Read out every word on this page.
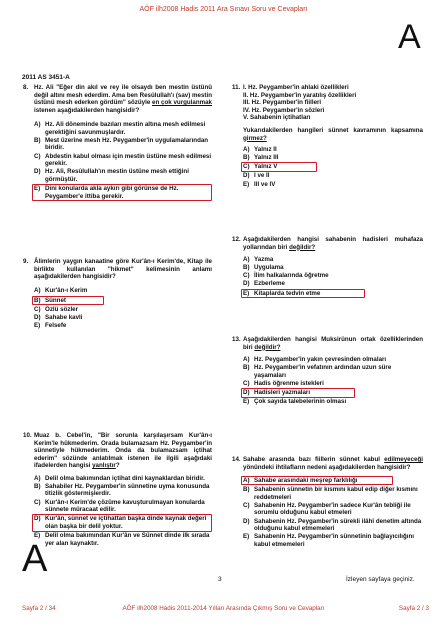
AÖF ilh2008 Hadis 2011 Ara Sınavı Soru ve Cevapları
A
2011 AS 3451-A
8. Hz. Ali "Eğer din akıl ve rey ile olsaydı ben mestin üstünü değil altını mesh ederdim. Ama ben Resûlullah'ı (sav) mestin üstünü mesh ederken gördüm" sözüyle en çok vurgulanmak istenen aşağıdakilerden hangisidir?
A) Hz. Ali döneminde bazıları mestin altına mesh edilmesi gerektiğini savunmuşlardır.
B) Mest üzerine mesh Hz. Peygamber'in uygulamalarından biridir.
C) Abdestin kabul olması için mestin üstüne mesh edilmesi gerekir.
D) Hz. Ali, Resûlullah'ın mestin üstüne mesh ettiğini görmüştür.
E) Dini konularda akla aykırı gibi görünse de Hz. Peygamber'e ittiba gerekir.
9. Âlimlerin yaygın kanaatine göre Kur'ân-ı Kerim'de, Kitap ile birlikte kullanılan "hikmet" kelimesinin anlamı aşağıdakilerden hangisidir?
A) Kur'ân-ı Kerim
B) Sünnet
C) Özlü sözler
D) Sahabe kavli
E) Felsefe
10. Muaz b. Cebel'in, "Bir sorunla karşılaşırsam Kur'ân-ı Kerim'le hükmederim. Orada bulamazsam Hz. Peygamber'in sünnetiyle hükmederim. Onda da bulamazsam içtihat ederim" sözünde anlatılmak istenen ile ilgili aşağıdaki ifadelerden hangisi yanlıştır?
A) Delil olma bakımından içtihat dini kaynaklardan biridir.
B) Sahabiler Hz. Peygamber'in sünnetine uyma konusunda titizlik göstermişlerdir.
C) Kur'ân-ı Kerim'de çözüme kavuşturulmayan konularda sünnete müracaat edilir.
D) Kur'ân, sünnet ve içtihattan başka dinde kaynak değeri olan başka bir delil yoktur.
E) Delil olma bakımından Kur'ân ve Sünnet dinde ilk sırada yer alan kaynaktır.
11. I. Hz. Peygamber'in ahlaki özellikleri
II. Hz. Peygamber'in yaratılış özellikleri
III. Hz. Peygamber'in fiilleri
IV. Hz. Peygamber'in sözleri
V. Sahabenin içtihatları
Yukarıdakilerden hangileri sünnet kavramının kapsamına girmez?
A) Yalnız II
B) Yalnız III
C) Yalnız V
D) I ve II
E) III ve IV
12. Aşağıdakilerden hangisi sahabenin hadisleri muhafaza yollarından biri değildir?
A) Yazma
B) Uygulama
C) İlim halkalarında öğretme
D) Ezberleme
E) Kitaplarda tedvin etme
13. Aşağıdakilerden hangisi Muksirûnun ortak özelliklerinden biri değildir?
A) Hz. Peygamber'in yakın çevresinden olmaları
B) Hz. Peygamber'in vefatının ardından uzun süre yaşamaları
C) Hadis öğrenme istekleri
D) Hadisleri yazmaları
E) Çok sayıda talebelerinin olması
14. Sahabe arasında bazı fiillerin sünnet kabul edilmeyeceği yönündeki ihtilafların nedeni aşağıdakilerden hangisidir?
A) Sahabe arasındaki meşrep farklılığı
B) Sahabenin sünnetin bir kısmını kabul edip diğer kısmını reddetmeleri
C) Sahabenin Hz. Peygamber'in sadece Kur'ân tebliği ile sorumlu olduğunu kabul etmeleri
D) Sahabenin Hz. Peygamber'in sürekli ilâhî denetim altında olduğunu kabul etmemeleri
E) Sahabenin Hz. Peygamber'in sünnetinin bağlayıcılığını kabul etmemeleri
A	3	İzleyen sayfaya geçiniz.
Sayfa 2 / 34	AÖF ilh2008 Hadis 2011-2014 Yılları Arasında Çıkmış Soru ve Cevapları	Sayfa 2 / 3
